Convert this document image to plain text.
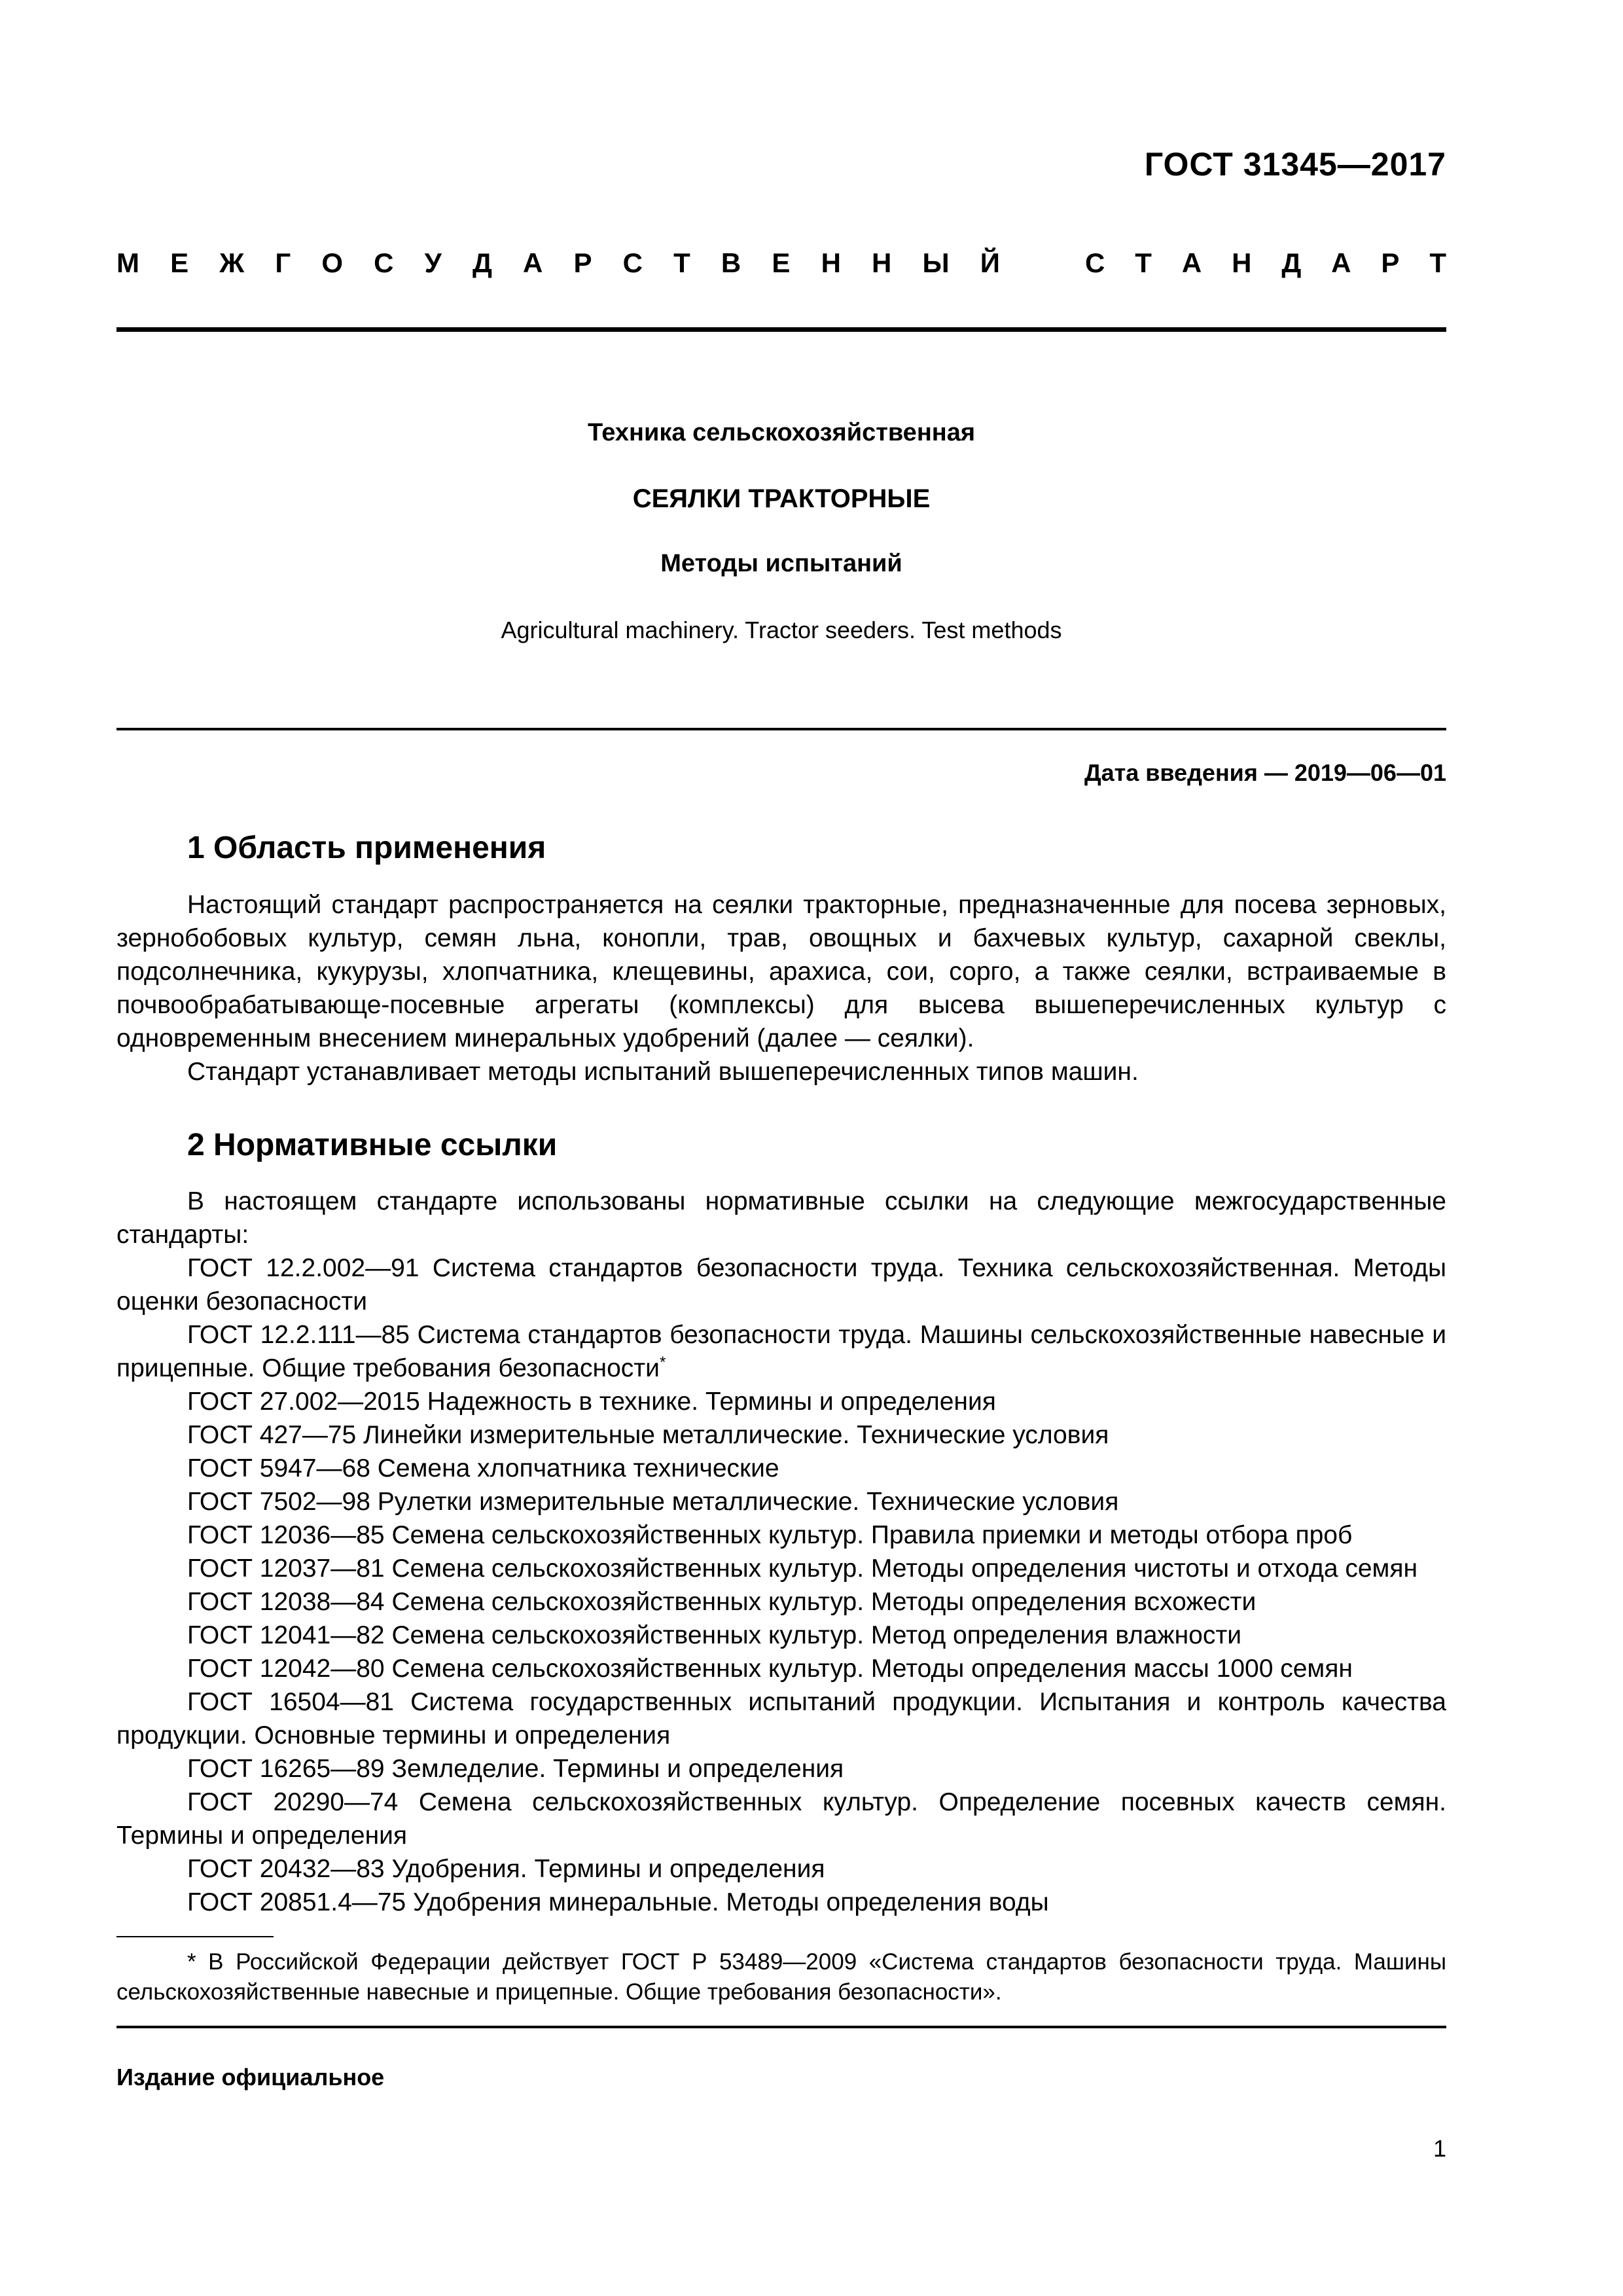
ГОСТ 31345—2017
М Е Ж Г О С У Д А Р С Т В Е Н Н Ы Й	С Т А Н Д А Р Т
Техника сельскохозяйственная
СЕЯЛКИ ТРАКТОРНЫЕ
Методы испытаний
Agricultural machinery. Tractor seeders. Test methods
Дата введения — 2019—06—01
1 Область применения

Настоящий стандарт распространяется на сеялки тракторные, предназначенные для посева зерновых, зернобобовых культур, семян льна, конопли, трав, овощных и бахчевых культур, сахарной свеклы, подсолнечника, кукурузы, хлопчатника, клещевины, арахиса, сои, сорго, а также сеялки, встраиваемые в почвообрабатывающе-посевные агрегаты (комплексы) для высева вышеперечисленных культур с одновременным внесением минеральных удобрений (далее — сеялки).

Стандарт устанавливает методы испытаний вышеперечисленных типов машин.

2 Нормативные ссылки

В настоящем стандарте использованы нормативные ссылки на следующие межгосударственные стандарты:

ГОСТ 12.2.002—91 Система стандартов безопасности труда. Техника сельскохозяйственная. Методы оценки безопасности

ГОСТ 12.2.111—85 Система стандартов безопасности труда. Машины сельскохозяйственные навесные и прицепные. Общие требования безопасности*

ГОСТ 27.002—2015 Надежность в технике. Термины и определения

ГОСТ 427—75 Линейки измерительные металлические. Технические условия

ГОСТ 5947—68 Семена хлопчатника технические

ГОСТ 7502—98 Рулетки измерительные металлические. Технические условия

ГОСТ 12036—85 Семена сельскохозяйственных культур. Правила приемки и методы отбора проб

ГОСТ 12037—81 Семена сельскохозяйственных культур. Методы определения чистоты и отхода семян

ГОСТ 12038—84 Семена сельскохозяйственных культур. Методы определения всхожести

ГОСТ 12041—82 Семена сельскохозяйственных культур. Метод определения влажности

ГОСТ 12042—80 Семена сельскохозяйственных культур. Методы определения массы 1000 семян

ГОСТ 16504—81 Система государственных испытаний продукции. Испытания и контроль качества продукции. Основные термины и определения

ГОСТ 16265—89 Земледелие. Термины и определения

ГОСТ 20290—74 Семена сельскохозяйственных культур. Определение посевных качеств семян. Термины и определения

ГОСТ 20432—83 Удобрения. Термины и определения

ГОСТ 20851.4—75 Удобрения минеральные. Методы определения воды

* В Российской Федерации действует ГОСТ Р 53489—2009 «Система стандартов безопасности труда. Машины сельскохозяйственные навесные и прицепные. Общие требования безопасности».

Издание официальное
1
